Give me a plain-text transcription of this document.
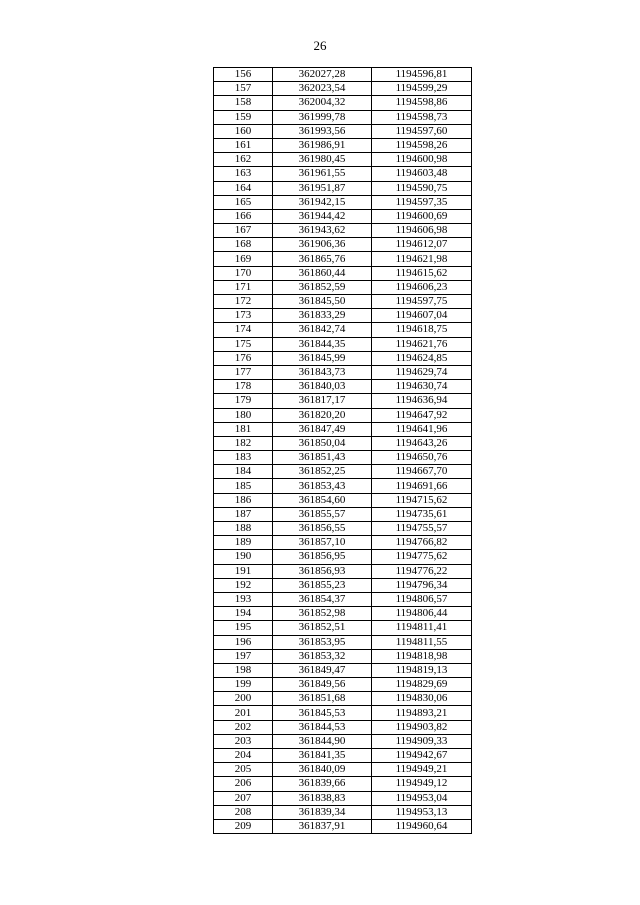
26
156	362027,28	1194596,81
157	362023,54	1194599,29
158	362004,32	1194598,86
159	361999,78	1194598,73
160	361993,56	1194597,60
161	361986,91	1194598,26
162	361980,45	1194600,98
163	361961,55	1194603,48
164	361951,87	1194590,75
165	361942,15	1194597,35
166	361944,42	1194600,69
167	361943,62	1194606,98
168	361906,36	1194612,07
169	361865,76	1194621,98
170	361860,44	1194615,62
171	361852,59	1194606,23
172	361845,50	1194597,75
173	361833,29	1194607,04
174	361842,74	1194618,75
175	361844,35	1194621,76
176	361845,99	1194624,85
177	361843,73	1194629,74
178	361840,03	1194630,74
179	361817,17	1194636,94
180	361820,20	1194647,92
181	361847,49	1194641,96
182	361850,04	1194643,26
183	361851,43	1194650,76
184	361852,25	1194667,70
185	361853,43	1194691,66
186	361854,60	1194715,62
187	361855,57	1194735,61
188	361856,55	1194755,57
189	361857,10	1194766,82
190	361856,95	1194775,62
191	361856,93	1194776,22
192	361855,23	1194796,34
193	361854,37	1194806,57
194	361852,98	1194806,44
195	361852,51	1194811,41
196	361853,95	1194811,55
197	361853,32	1194818,98
198	361849,47	1194819,13
199	361849,56	1194829,69
200	361851,68	1194830,06
201	361845,53	1194893,21
202	361844,53	1194903,82
203	361844,90	1194909,33
204	361841,35	1194942,67
205	361840,09	1194949,21
206	361839,66	1194949,12
207	361838,83	1194953,04
208	361839,34	1194953,13
209	361837,91	1194960,64
